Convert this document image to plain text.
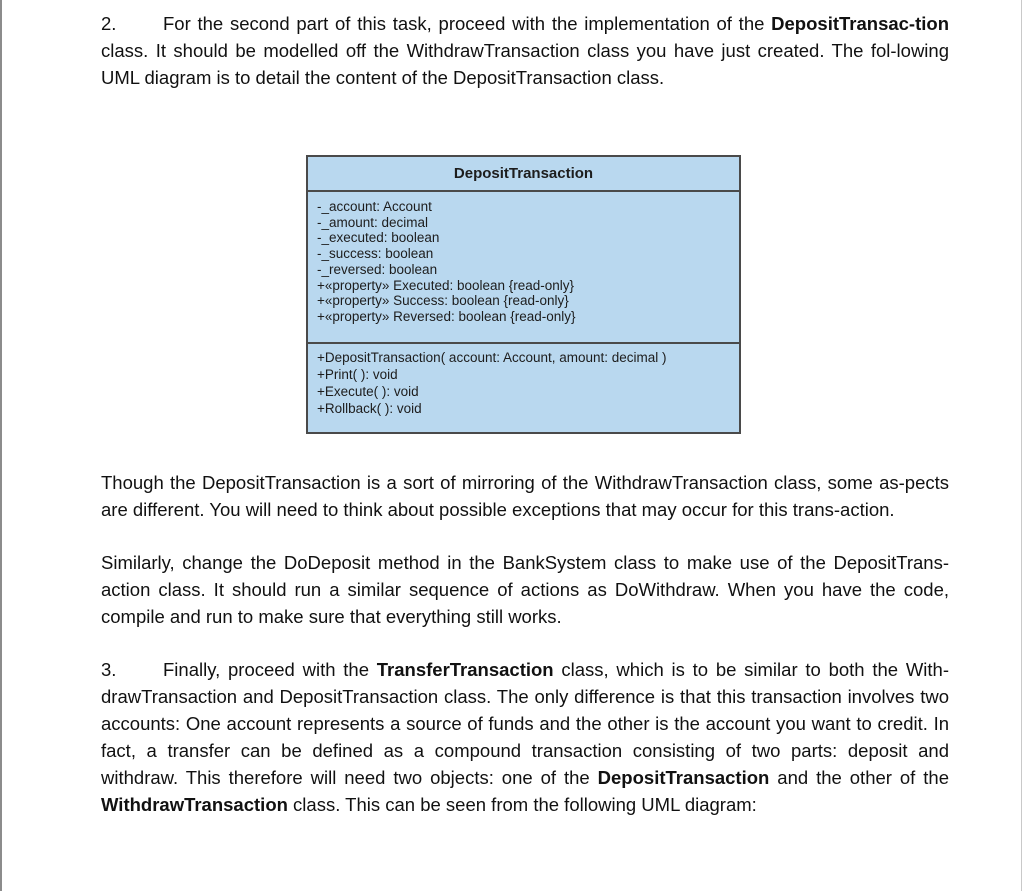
2.	For the second part of this task, proceed with the implementation of the DepositTransac-tion class. It should be modelled off the WithdrawTransaction class you have just created. The fol-lowing UML diagram is to detail the content of the DepositTransaction class.

DepositTransaction
-_account: Account
-_amount: decimal
-_executed: boolean
-_success: boolean
-_reversed: boolean
+«property» Executed: boolean {read-only}
+«property» Success: boolean {read-only}
+«property» Reversed: boolean {read-only}
+DepositTransaction( account: Account, amount: decimal )
+Print( ): void
+Execute( ): void
+Rollback( ): void

Though the DepositTransaction is a sort of mirroring of the WithdrawTransaction class, some as-pects are different. You will need to think about possible exceptions that may occur for this trans-action.

Similarly, change the DoDeposit method in the BankSystem class to make use of the DepositTrans-action class. It should run a similar sequence of actions as DoWithdraw. When you have the code, compile and run to make sure that everything still works.

3.	Finally, proceed with the TransferTransaction class, which is to be similar to both the With-drawTransaction and DepositTransaction class. The only difference is that this transaction involves two accounts: One account represents a source of funds and the other is the account you want to credit. In fact, a transfer can be defined as a compound transaction consisting of two parts: deposit and withdraw. This therefore will need two objects: one of the DepositTransaction and the other of the WithdrawTransaction class. This can be seen from the following UML diagram:
